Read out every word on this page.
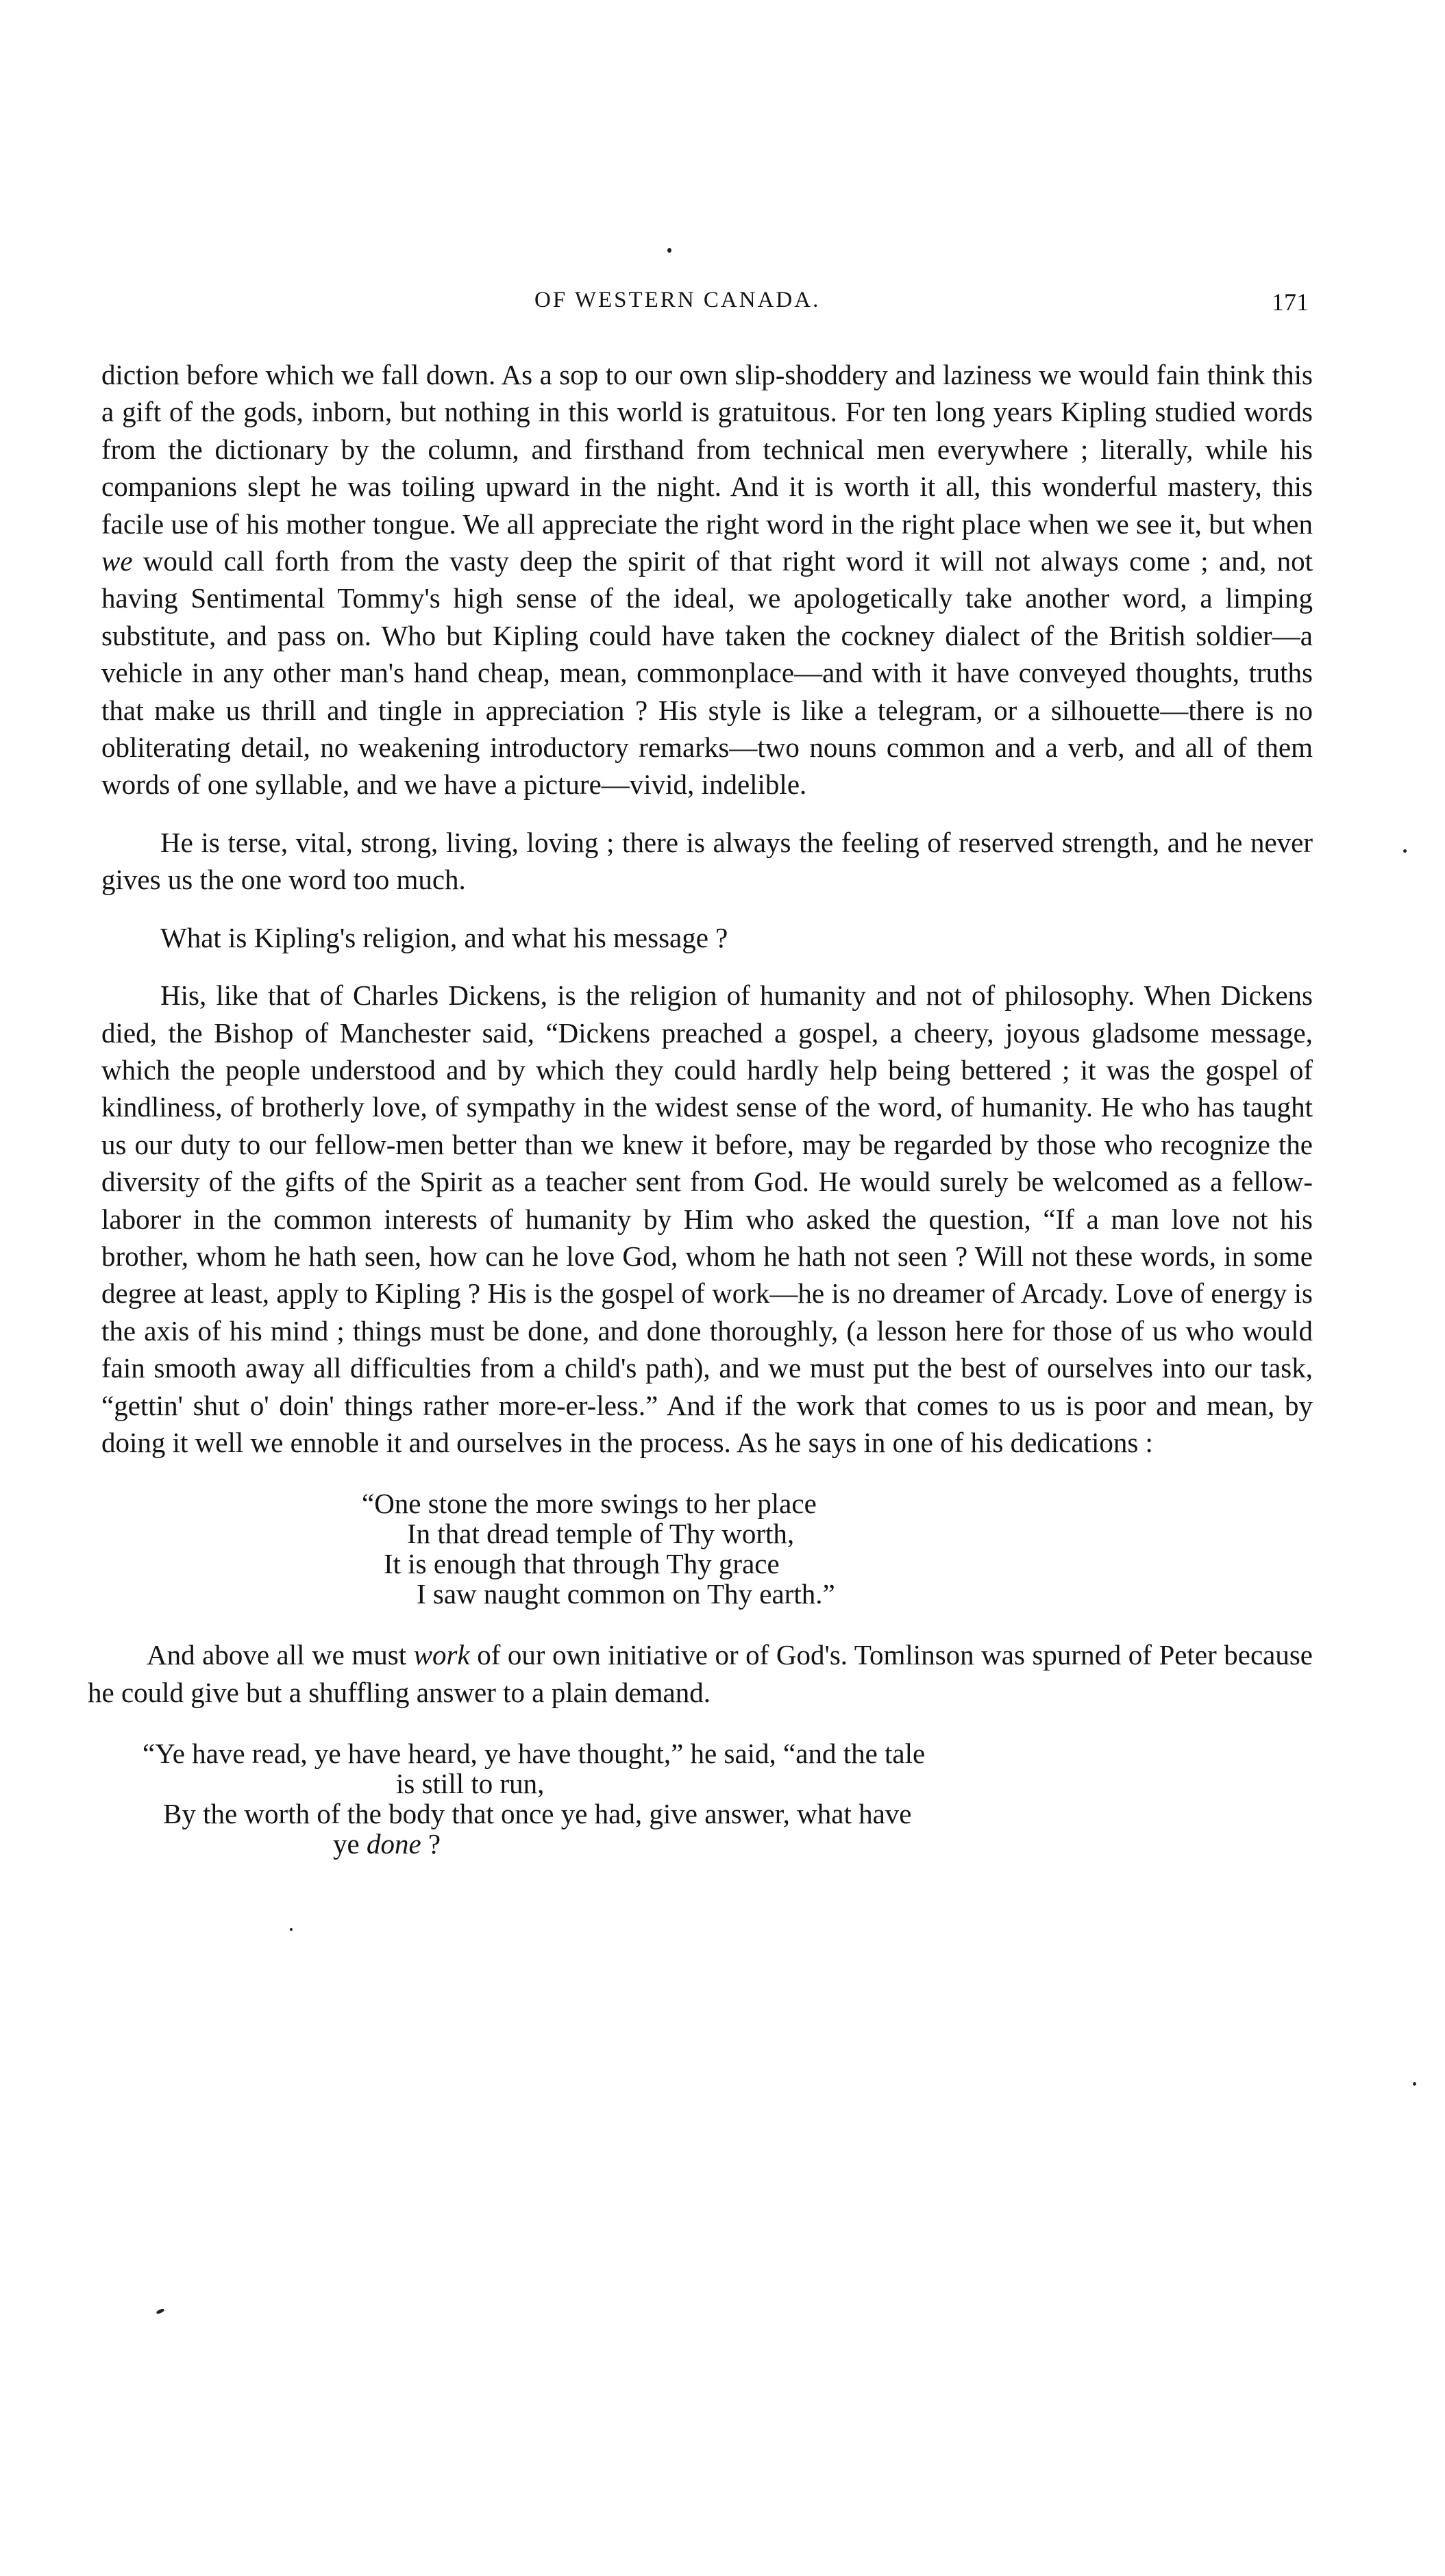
OF WESTERN CANADA.	171

diction before which we fall down. As a sop to our own slip-shoddery and laziness we would fain think this a gift of the gods, inborn, but nothing in this world is gratuitous. For ten long years Kipling studied words from the dictionary by the column, and firsthand from technical men everywhere ; literally, while his companions slept he was toiling upward in the night. And it is worth it all, this wonderful mastery, this facile use of his mother tongue. We all appreciate the right word in the right place when we see it, but when we would call forth from the vasty deep the spirit of that right word it will not always come ; and, not having Sentimental Tommy's high sense of the ideal, we apologetically take another word, a limping substitute, and pass on. Who but Kipling could have taken the cockney dialect of the British soldier—a vehicle in any other man's hand cheap, mean, commonplace—and with it have conveyed thoughts, truths that make us thrill and tingle in appreciation ? His style is like a telegram, or a silhouette—there is no obliterating detail, no weakening introductory remarks—two nouns common and a verb, and all of them words of one syllable, and we have a picture—vivid, indelible.

He is terse, vital, strong, living, loving ; there is always the feeling of reserved strength, and he never gives us the one word too much.

What is Kipling's religion, and what his message ?

His, like that of Charles Dickens, is the religion of humanity and not of philosophy. When Dickens died, the Bishop of Manchester said, “Dickens preached a gospel, a cheery, joyous gladsome message, which the people understood and by which they could hardly help being bettered ; it was the gospel of kindliness, of brotherly love, of sympathy in the widest sense of the word, of humanity. He who has taught us our duty to our fellow-men better than we knew it before, may be regarded by those who recognize the diversity of the gifts of the Spirit as a teacher sent from God. He would surely be welcomed as a fellow-laborer in the common interests of humanity by Him who asked the question, “If a man love not his brother, whom he hath seen, how can he love God, whom he hath not seen ? Will not these words, in some degree at least, apply to Kipling ? His is the gospel of work—he is no dreamer of Arcady. Love of energy is the axis of his mind ; things must be done, and done thoroughly, (a lesson here for those of us who would fain smooth away all difficulties from a child's path), and we must put the best of ourselves into our task, “gettin' shut o' doin' things rather more-er-less.” And if the work that comes to us is poor and mean, by doing it well we ennoble it and ourselves in the process. As he says in one of his dedications :

“One stone the more swings to her place
In that dread temple of Thy worth,
It is enough that through Thy grace
I saw naught common on Thy earth.”

And above all we must work of our own initiative or of God's. Tomlinson was spurned of Peter because he could give but a shuffling answer to a plain demand.

“Ye have read, ye have heard, ye have thought,” he said, “and the tale
is still to run,
By the worth of the body that once ye had, give answer, what have
ye done ?
